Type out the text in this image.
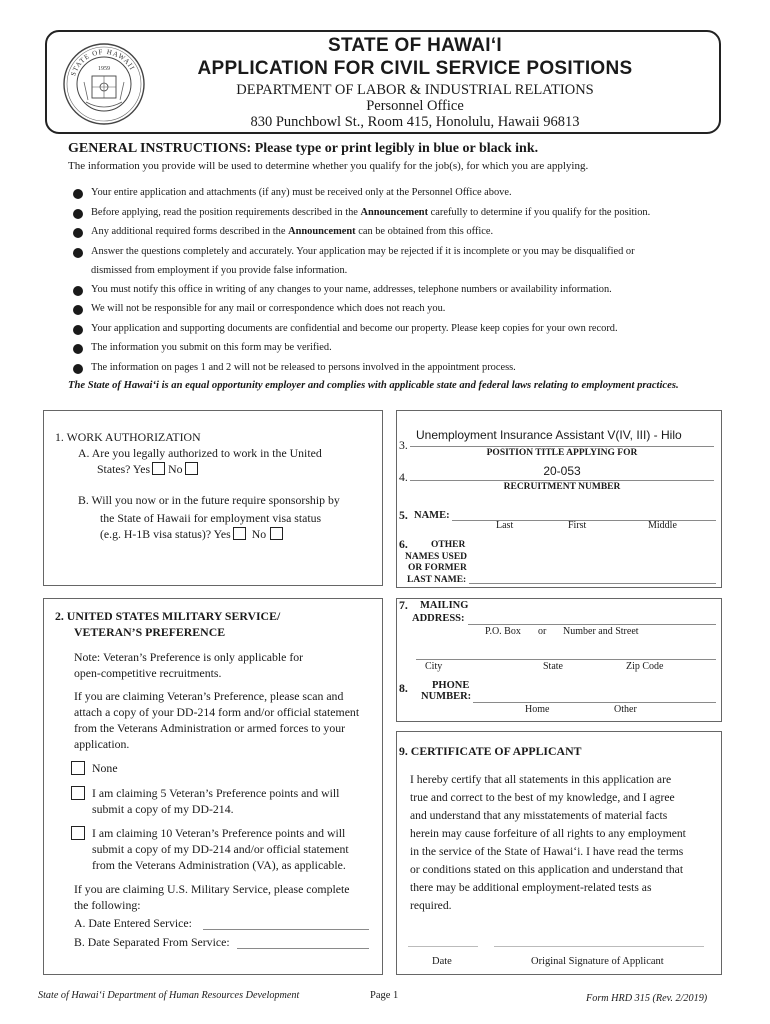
STATE OF HAWAII
1959
STATE OF HAWAI‘I
APPLICATION FOR CIVIL SERVICE POSITIONS
DEPARTMENT OF LABOR & INDUSTRIAL RELATIONS
Personnel Office
830 Punchbowl St., Room 415, Honolulu, Hawaii 96813
GENERAL INSTRUCTIONS: Please type or print legibly in blue or black ink.
The information you provide will be used to determine whether you qualify for the job(s), for which you are applying.
Your entire application and attachments (if any) must be received only at the Personnel Office above.
Before applying, read the position requirements described in the Announcement carefully to determine if you qualify for the position.
Any additional required forms described in the Announcement can be obtained from this office.
Answer the questions completely and accurately. Your application may be rejected if it is incomplete or you may be disqualified or
dismissed from employment if you provide false information.
You must notify this office in writing of any changes to your name, addresses, telephone numbers or availability information.
We will not be responsible for any mail or correspondence which does not reach you.
Your application and supporting documents are confidential and become our property. Please keep copies for your own record.
The information you submit on this form may be verified.
The information on pages 1 and 2 will not be released to persons involved in the appointment process.
The State of Hawai‘i is an equal opportunity employer and complies with applicable state and federal laws relating to employment practices.
1. WORK AUTHORIZATION
A. Are you legally authorized to work in the United
States? Yes No
B. Will you now or in the future require sponsorship by
the State of Hawaii for employment visa status
(e.g. H-1B visa status)? Yes No
2. UNITED STATES MILITARY SERVICE/
VETERAN’S PREFERENCE
Note: Veteran’s Preference is only applicable for
open-competitive recruitments.
If you are claiming Veteran’s Preference, please scan and
attach a copy of your DD-214 form and/or official statement
from the Veterans Administration or armed forces to your
application.
None
I am claiming 5 Veteran’s Preference points and will
submit a copy of my DD-214.
I am claiming 10 Veteran’s Preference points and will
submit a copy of my DD-214 and/or official statement
from the Veterans Administration (VA), as applicable.
If you are claiming U.S. Military Service, please complete
the following:
A. Date Entered Service:
B. Date Separated From Service:
3.
Unemployment Insurance Assistant V(IV, III) - Hilo
POSITION TITLE APPLYING FOR
4.	20-053
RECRUITMENT NUMBER
5. NAME:
Last	First	Middle
6. OTHER
NAMES USED
OR FORMER
LAST NAME:
7. MAILING
ADDRESS:
P.O. Box or Number and Street
City	State	Zip Code
8. PHONE
NUMBER:
Home	Other
9. CERTIFICATE OF APPLICANT
I hereby certify that all statements in this application are
true and correct to the best of my knowledge, and I agree
and understand that any misstatements of material facts
herein may cause forfeiture of all rights to any employment
in the service of the State of Hawai‘i. I have read the terms
or conditions stated on this application and understand that
there may be additional employment-related tests as
required.
Date	Original Signature of Applicant
State of Hawai‘i Department of Human Resources Development	Page 1	Form HRD 315 (Rev. 2/2019)
